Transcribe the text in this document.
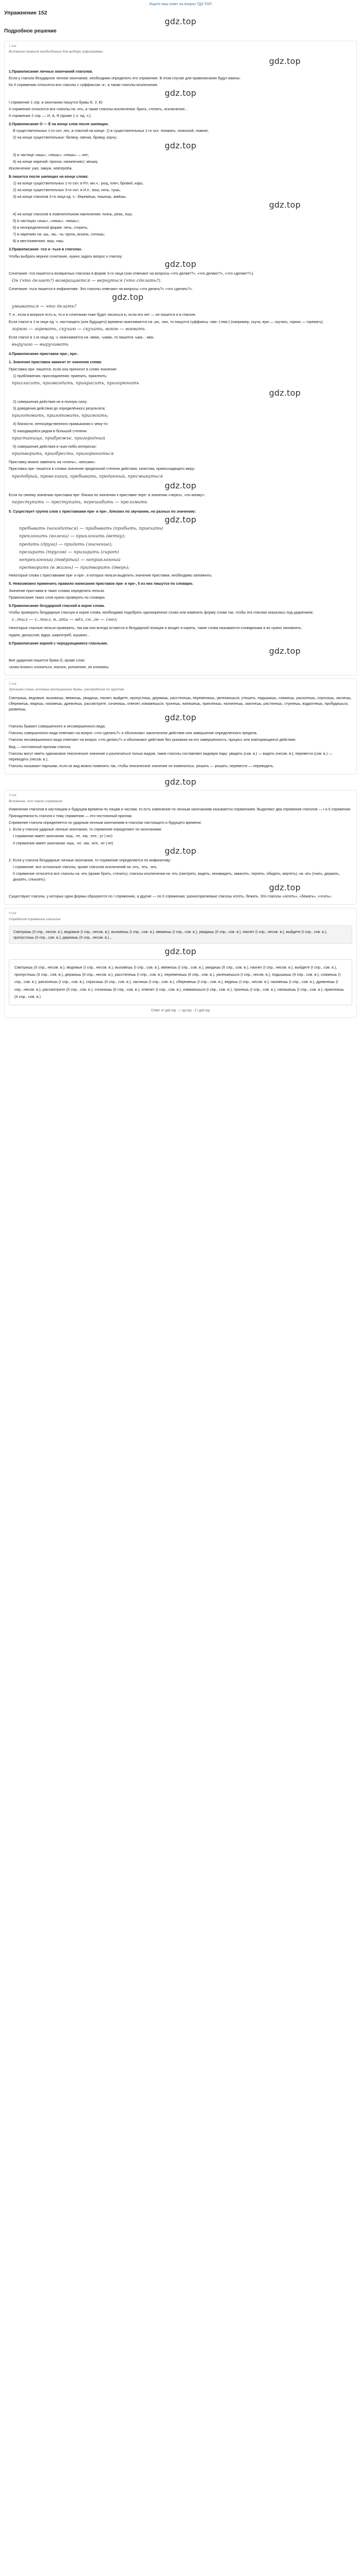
Ищите ваш ответ на вопрос ГДЗ ТОП
Упражнение 152
gdz.top
Подробное решение
1 шаг
Вспомним правила необходимые для выбора орфограммы
gdz.top
1.Правописание личных окончаний глаголов.
Если у глагола безударное личное окончание, необходимо определить его спряжение. В этом случае для правописания будут важны:
Ко II спряжению относятся все глаголы с суффиксом -и-, а также глаголы-исключения.
gdz.top
I спряжение 1 спр. в окончании пишутся буквы Е, У, Ю
II спряжение относятся все глаголы на -ить, а также глаголы-исключения: брить, стелить, исключение...
II спряжение 2 спр. — И, А, Я (кроме 1 л. ед. ч.).
2.Правописание О — Ё на конце слов после шипящих.
В существительных 1-го скл. лес, в гласной на конце: 1) в существительных 1-го скл. поюмать, поянозой, ловкое;
2) на конце существительных: беляну, свечки, бровку, корчу;
gdz.top
3) в частице «ишь», «нешь», «нешь» — нет;
4) на конце наречий: пронзи, напипечкяст, мешку.
Исключения: ужо, замуж, невтерпёж.
Б пишется после шипящих на конце слова:
1) на конце существительных 1-го скл. в Р.п. мн.ч.: рощ, плеч, бровей, карь;
2) на конце существительных 3-го скл. в И.п.: вош, ночь, тушь;
3) на конце глаголов 2-го лица ед. ч.: бережёшь, пишешь, жжёшь;
gdz.top
4) на конце глаголов в повелительном наклонении: плачь, режь, ешь;
5) в частицах «ишь», «лишь», «вишь»;
6) в неопределенной форме: печь, стеречь;
7) в наречиях на -шь, -жь, -чь: прочь, вскачь, сплошь;
8) в местоимениях: ваш, наш.
3.Правописание -тся и -ться в глаголах.
Чтобы выбрать верное сочетание, нужно задать вопрос к глаголу:
gdz.top
Сочетание -тся пишется в возвратных глаголах в форме 3-го лица (они отвечают на вопросы «что делает?», «что делают?», «что сделает?»).
Он (что делает?) возвращается — вернуться (что сделать?).
Сочетание -ться пишется в инфинитиве. Это глаголы отвечают на вопросы «что делать?» «что сделать?».
gdz.top
умываться — что делать?
Т. е., если в вопросе есть Ь, то и в сочетании тоже будет писаться Ь, если его нет — не пишется и в глаголе.
Если глагол в 1-м лице ед. ч. настоящего (или будущего) времени оканчивается на -ую, -юю, то пишутся суффиксы -ова- (-ева-) (например, скуча, вую — скучать, горюю — горевать).
горюю — горевать, скучаю — скучать, воюю — воевать
Если глагол в 1-м лице ед. ч. оканчивается на -иваю, -ываю, то пишется -ыва-, -ива-.
выручаю — выручивать
4.Правописание приставок при-, пре-.
1. Значение приставок зависит от значения слова:
Приставка при- пишется, если она приносит в слово значение:
1) приближения, присоединения: приехать, приклеить;
пригласить, пригвоздить, прикрасить, пригорюнить
gdz.top
2) совершения действия не в полную силу;
3) доведения действия до определённого результата:
приготовить, приготовить, присвоить;
4) близости, непосредственного примыкания к чему-то:
5) находящейся рядом в большой степени:
пристанище, прибрежье, пригородный
5) совершение действия в чьих-либо интересах:
притворить, приобрести, пригорюниться
Приставку можно заменить на «очень», «весьма»:
Приставка пре- пишется в словах значение предельной степени действия, качества, превосходящего меру:
предобрый, превеликий, пребывать, преданный, пресмыкаться
gdz.top
Если по своему значению приставка пре- близка по значению к приставке пере- в значении «через», «по-иному»:
переступить — преступить, перешибить — преломить
5. Существует группа слов с приставками при- и пре-, близких по звучанию, но разных по значению:
gdz.top
пребывать (находиться) — прибывать (прибыть, приехать)
преклонить (колени) — приклонить (ветку);
предать (друга) — придать (значение);
презирать (трусов) — призирать (сирот)
непреклонный (твёрдый) — неприклонный
претворить (в жизнь) — притворить (дверь);
Некоторые слова с приставками при- и пре-, в которых нельзя выделить значение приставки, необходимо запомнить.
5. Невозможно применить правило написания приставок при- и пре-, 5 из них пишутся по словарю.
Значение приставки в таких словах определить нельзя.
Правописание таких слов нужно проверять по словарю.
5.Правописание безударной гласной в корне слова.
Чтобы проверить безударную гласную в корне слова, необходимо подобрать однокоренное слово или изменить форму слова так, чтобы эта гласная оказалась под ударением:
с..тыл — с..тыл, в..зти — вёз, сн..гн — снег;
Некоторые гласные нельзя проверить, так как они всегда остаются в безударной позиции и входят в корень, такие слова называются словарными и их нужно запомнить:
пудинг, дискуссия, вдруг, ширпотреб, шушкин...
6.Правописание корней с чередующимися гласными.
gdz.top
Вне ударения пишется буква О, кроме слов:
«клан-/кланн» клониться, поклон, уклонение, не клоняясь
2 шаг
Запишем слова, вставив пропущенные буквы, распределим по группам
Смотришь, ведомые, вызовешь, ввяжешь, увидишь, пахнет, выйдете, пропустишь, держишь, расстелешь, переменишь, увлекаешься, утешить, подышишь, сожжешь, расколешь, спросишь, заснешь, сбережешь, ведешь, назовешь, дремлешь, рассмотрите, сочинишь, отвезет, измажешься, тронешь, напишешь, приклеишь, налипнешь, захочешь, растянешь, стукнешь, вздрогнешь, пробудишься, развеешь.
gdz.top
Глаголы бывают совершенного и несовершенного вида.
Глаголы совершенного вида отвечают на вопрос «что сделать?» и обозначают законченное действие или завершение определенного предела.
Глаголы несовершенного вида отвечают на вопрос «что делать?» и обозначают действие без указания на его завершённость, процесс или повторяющееся действие.
Вид — постоянный признак глагола.
Глаголы могут иметь одинаковое лексическое значение и различаться только видом, такие глаголы составляют видовую пару: увидеть (сов. в.) — видеть (несов. в.), перевести (сов. в.) — переводить (несов. в.).
Глаголы называют парными, если их вид можно поменять так, чтобы лексическое значение не изменилось: решить — решать, перевести — переводить.
gdz.top
3 шаг
Вспомним, что такое спряжение
Изменение глаголов в настоящем и будущем времени по лицам и числам, то есть изменение по личным окончаниям называется спряжением. Выделяют два спряжения глаголов — I и II спряжения.
Принадлежность глагола к тому спряжению — его постоянный признак.
Спряжение глагола определяется по ударным личным окончаниям в глаголах настоящего и будущего времени:
1. Если у глагола ударные личные окончания, то спряжение определяют по окончаниям:
I спряжение имеет окончания -ешь, -ет, -ем, -ете, -ут (-ют)
II спряжение имеет окончания -ишь, -ит, -им, -ите, -ат (-ят)
gdz.top
2. Если у глагола безударные личные окончания, то спряжение определяется по инфинитиву:
I спряжение: все остальные глаголы, кроме глаголов исключений на -ить, -еть, -ать.
II спряжение относятся все глаголы на -ить (кроме брить, стелить), глаголы-исключения на -еть (смотреть, видеть, ненавидеть, зависеть, терпеть, обидеть, вертеть), на -ать (гнать, держать, дышать, слышать).
gdz.top
Существуют глаголы, у которых одни формы образуются по I спряжению, а другие — по II спряжению: разноспрягаемые глаголы хотеть, бежать. Это глаголы «хотеть», «бежать», «чтить».
4 шаг
Определим спряжение глаголов
Смотришь (II спр., несов. в.), ведомые (I спр., несов. в.), вызовешь (I спр., сов. в.), ввяжешь (I спр., сов. в.), увидишь (II спр., сов. в.), пахнет (I спр., несов. в.), выйдете (I спр., сов. в.), пропустишь (II спр., сов. в.), держишь (II спр., несов. в.)...
gdz.top
Смотришь (II спр., несов. в.), ведомые (I спр., несов. в.), вызовешь (I спр., сов. в.), ввяжешь (I спр., сов. в.), увидишь (II спр., сов. в.), пахнет (I спр., несов. в.), выйдете (I спр., сов. в.), пропустишь (II спр., сов. в.), держишь (II спр., несов. в.), расстелешь (I спр., сов. в.), переменишь (II спр., сов. в.), увлекаешься (I спр., несов. в.), подышишь (II спр., сов. в.), сожжешь (I спр., сов. в.), расколешь (I спр., сов. в.), спросишь (II спр., сов. в.), заснешь (I спр., сов. в.), сбережешь (I спр., сов. в.), ведешь (I спр., несов. в.), назовешь (I спр., сов. в.), дремлешь (I спр., несов. в.), рассмотрите (II спр., сов. в.), сочинишь (II спр., сов. в.), отвезет (I спр., сов. в.), измажешься (I спр., сов. в.), тронешь (I спр., сов. в.), напишешь (I спр., сов. в.), приклеишь (II спр., сов. в.)
Ответ от gdz.top · г. гдз.top · 2 | gdz.top
